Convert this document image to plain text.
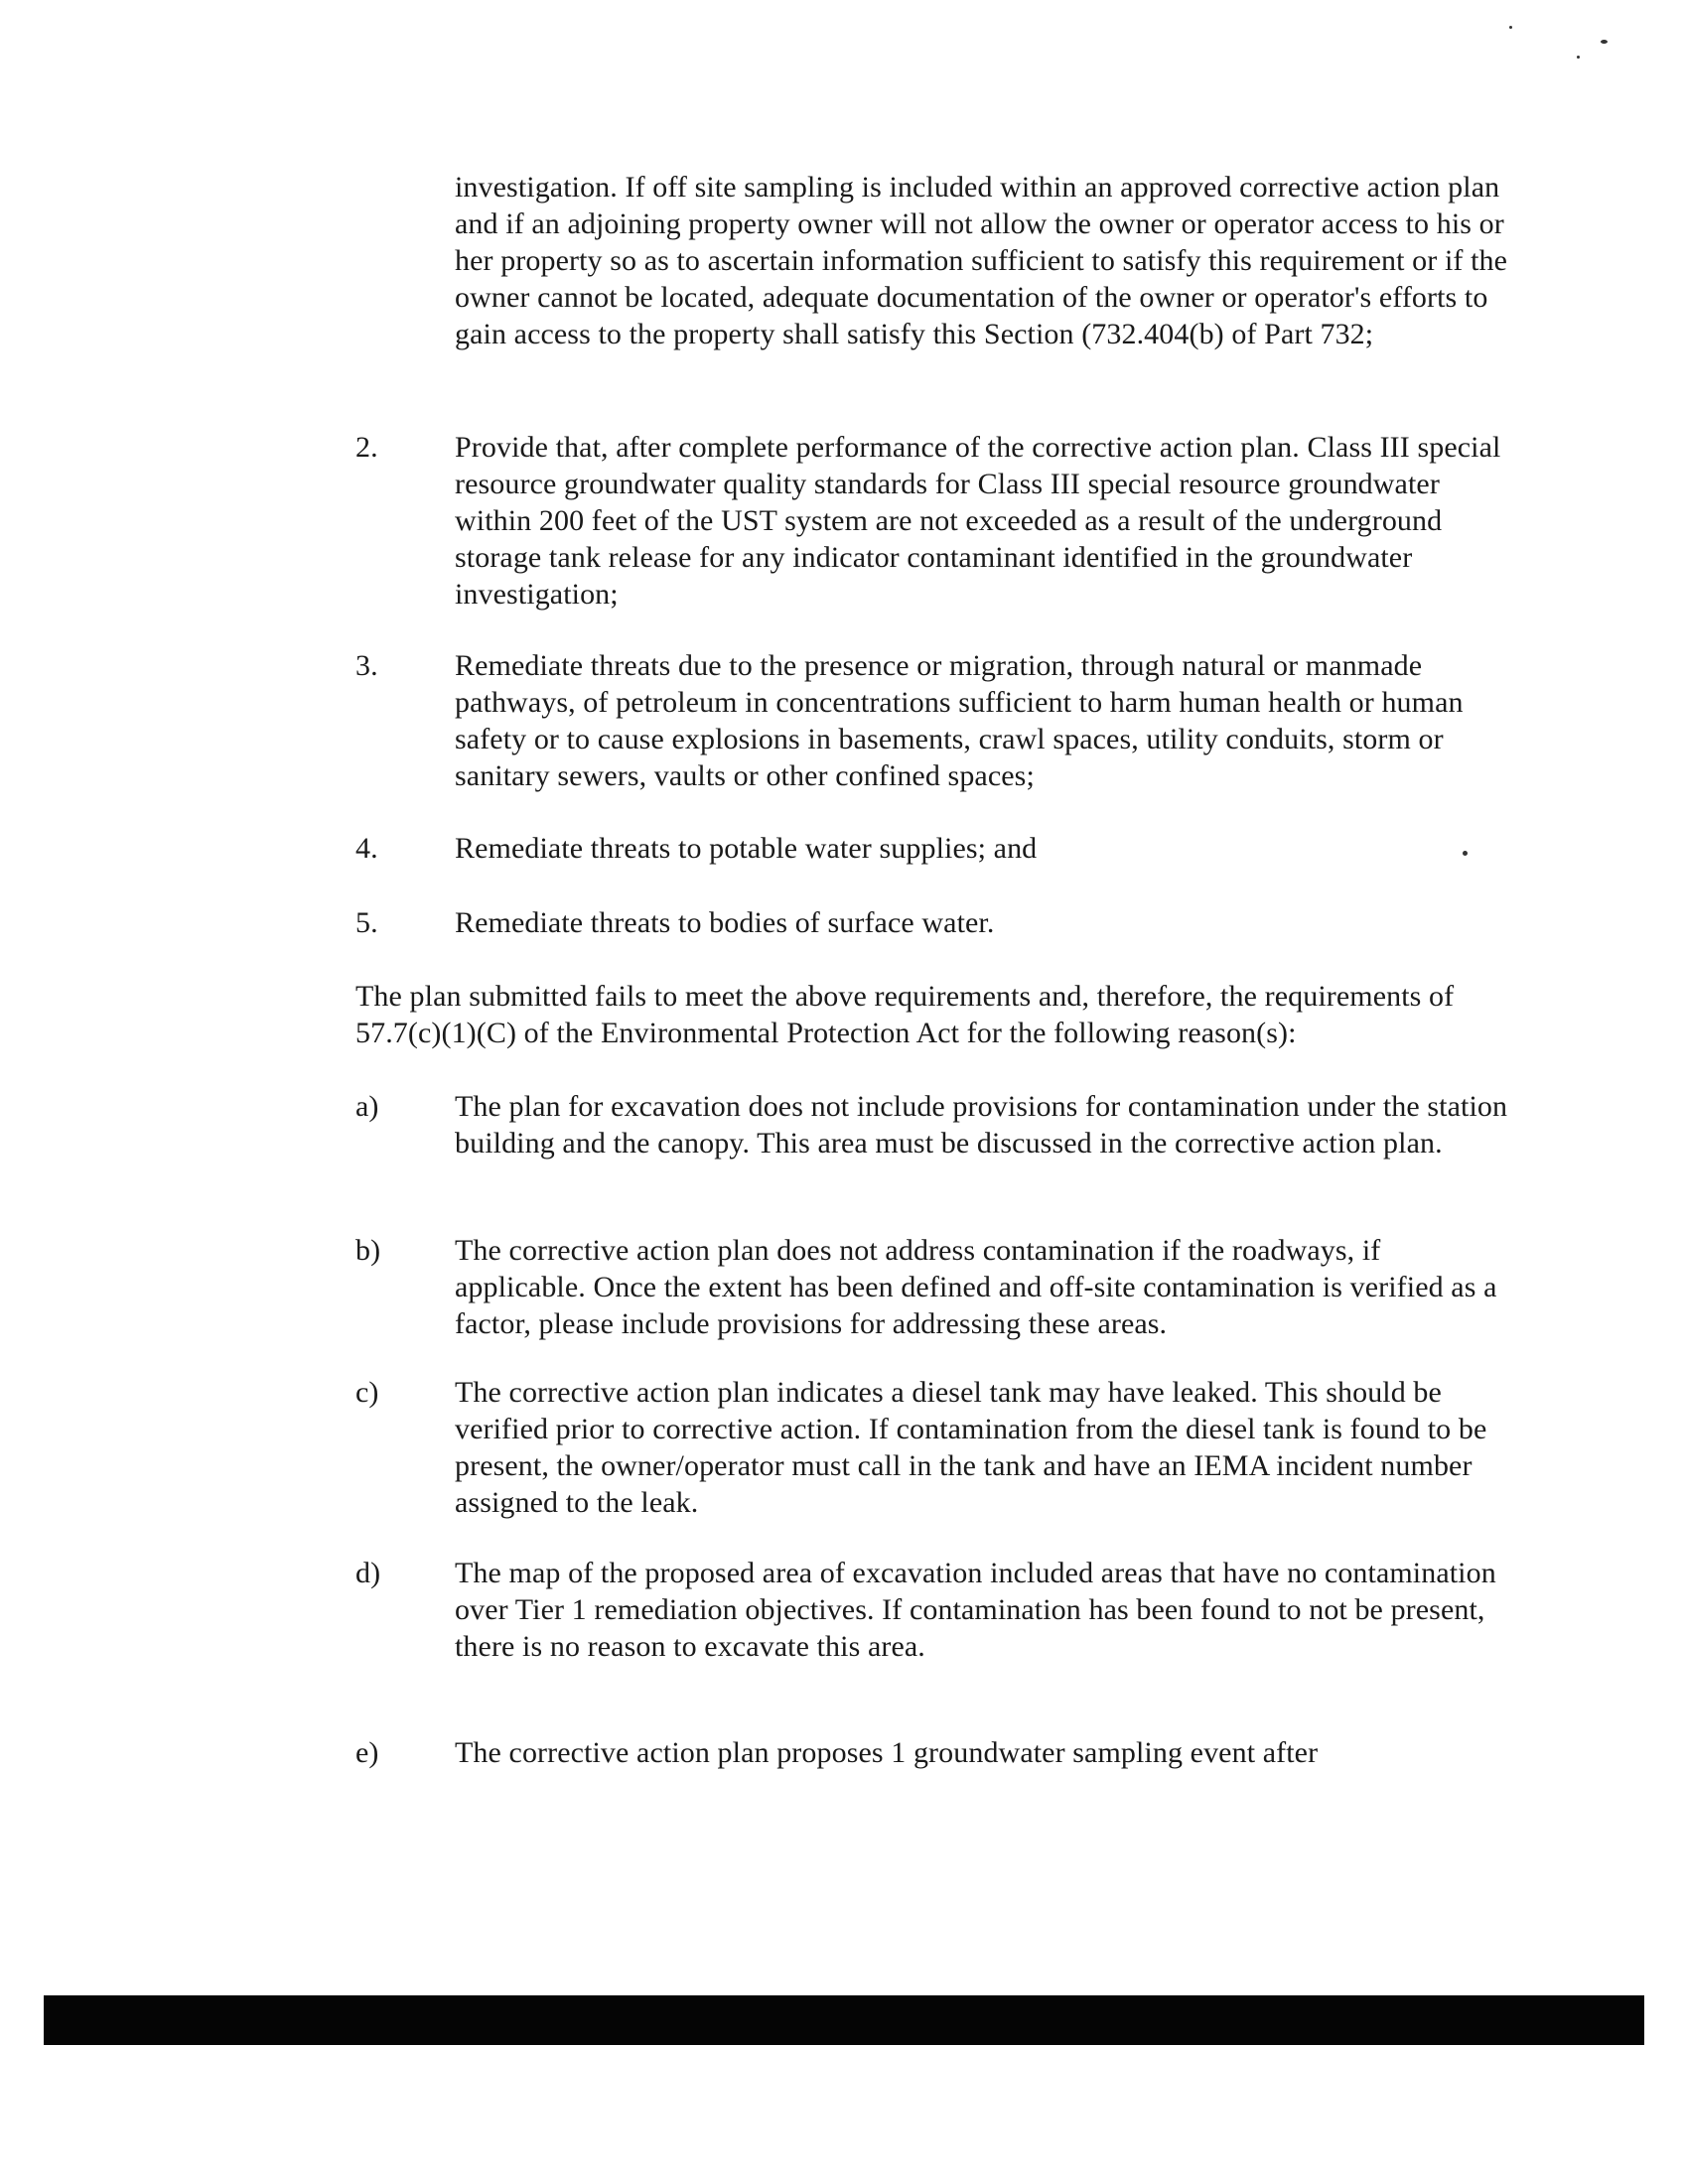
investigation. If off site sampling is included within an approved corrective action plan and if an adjoining property owner will not allow the owner or operator access to his or her property so as to ascertain information sufficient to satisfy this requirement or if the owner cannot be located, adequate documentation of the owner or operator's efforts to gain access to the property shall satisfy this Section (732.404(b) of Part 732;
2.	Provide that, after complete performance of the corrective action plan. Class III special resource groundwater quality standards for Class III special resource groundwater within 200 feet of the UST system are not exceeded as a result of the underground storage tank release for any indicator contaminant identified in the groundwater investigation;
3.	Remediate threats due to the presence or migration, through natural or manmade pathways, of petroleum in concentrations sufficient to harm human health or human safety or to cause explosions in basements, crawl spaces, utility conduits, storm or sanitary sewers, vaults or other confined spaces;
4.	Remediate threats to potable water supplies; and
5.	Remediate threats to bodies of surface water.
The plan submitted fails to meet the above requirements and, therefore, the requirements of 57.7(c)(1)(C) of the Environmental Protection Act for the following reason(s):
a)	The plan for excavation does not include provisions for contamination under the station building and the canopy. This area must be discussed in the corrective action plan.
b)	The corrective action plan does not address contamination if the roadways, if applicable. Once the extent has been defined and off-site contamination is verified as a factor, please include provisions for addressing these areas.
c)	The corrective action plan indicates a diesel tank may have leaked. This should be verified prior to corrective action. If contamination from the diesel tank is found to be present, the owner/operator must call in the tank and have an IEMA incident number assigned to the leak.
d)	The map of the proposed area of excavation included areas that have no contamination over Tier 1 remediation objectives. If contamination has been found to not be present, there is no reason to excavate this area.
e)	The corrective action plan proposes 1 groundwater sampling event after
